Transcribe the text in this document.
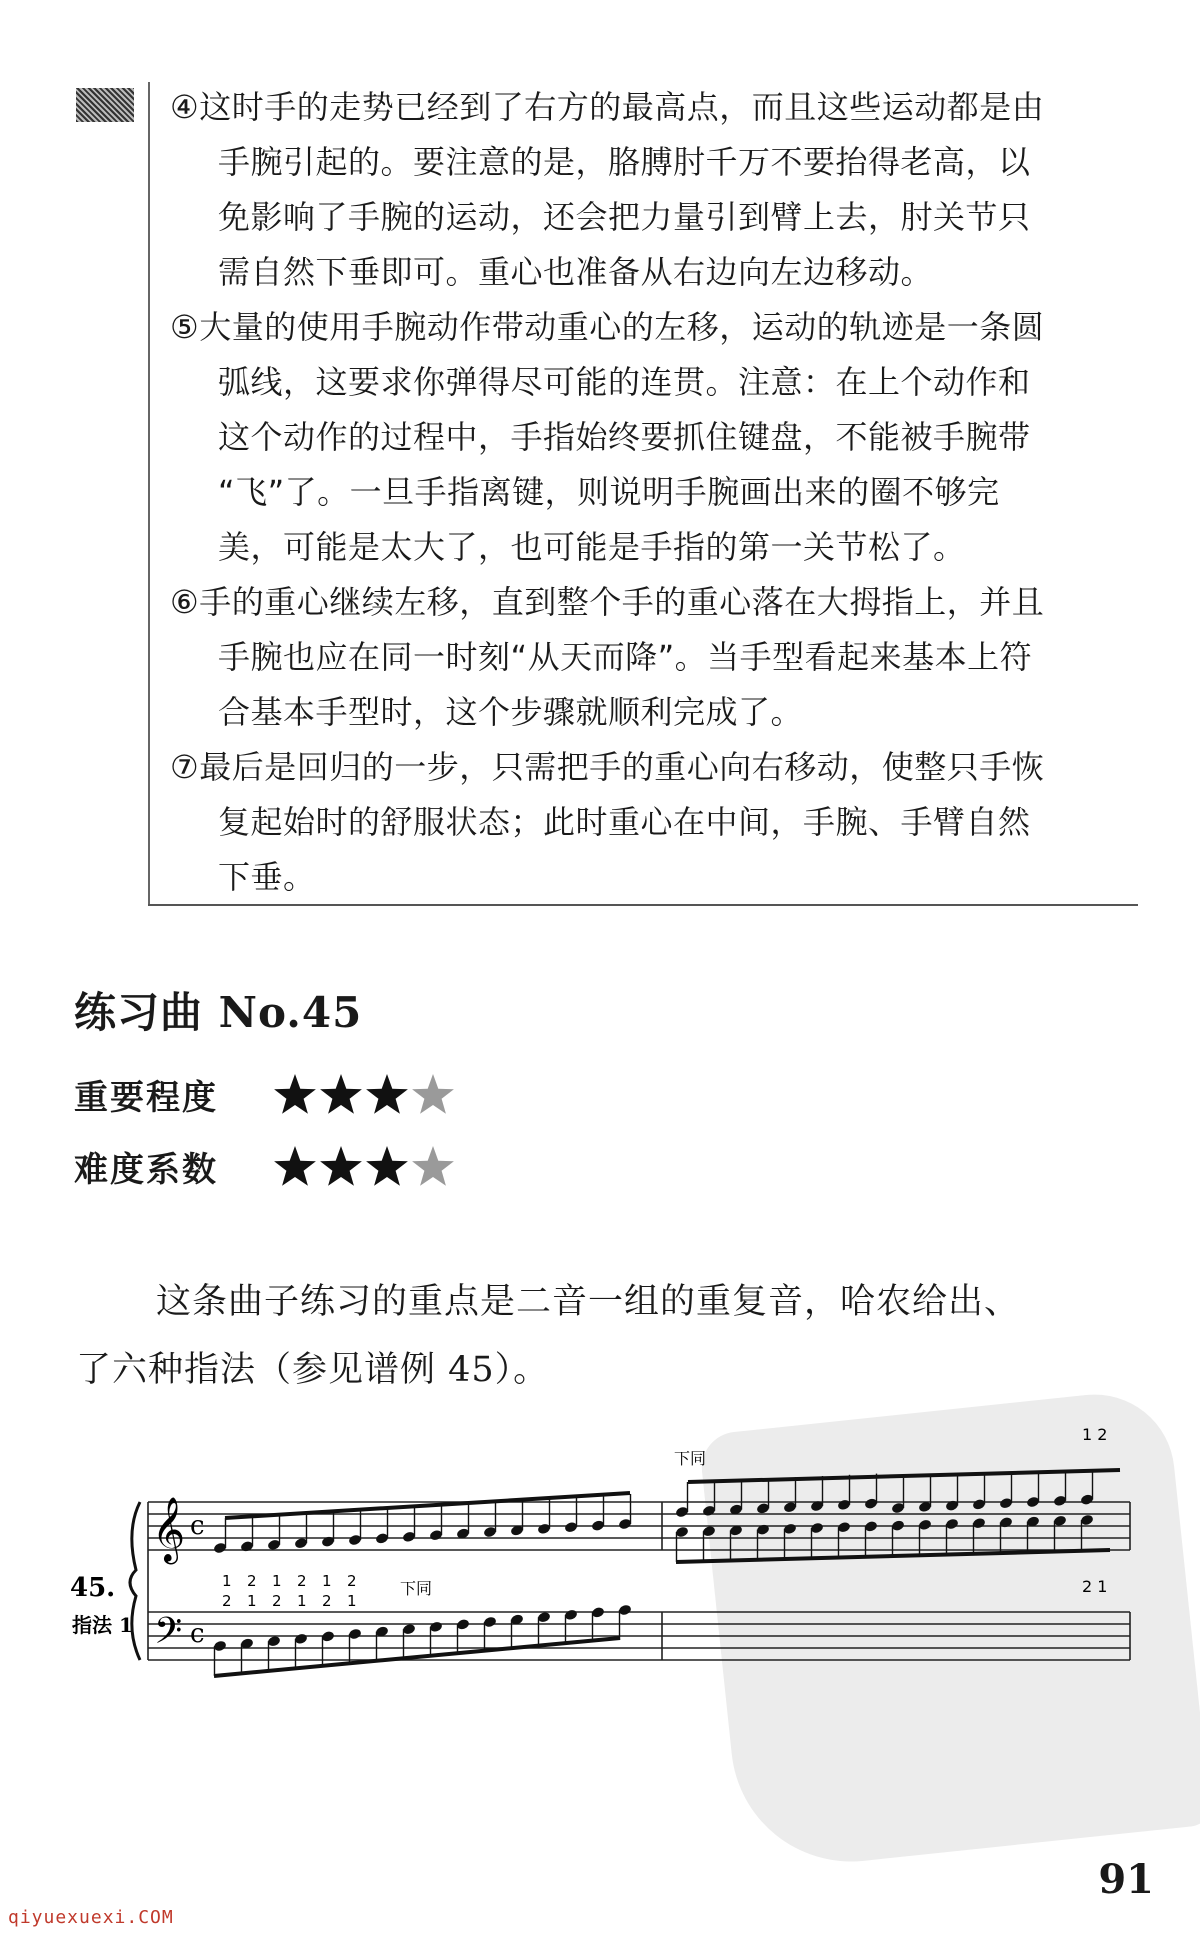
④这时手的走势已经到了右方的最高点，而且这些运动都是由
手腕引起的。要注意的是，胳膊肘千万不要抬得老高，以
免影响了手腕的运动，还会把力量引到臂上去，肘关节只
需自然下垂即可。重心也准备从右边向左边移动。

⑤大量的使用手腕动作带动重心的左移，运动的轨迹是一条圆
弧线，这要求你弹得尽可能的连贯。注意：在上个动作和
这个动作的过程中，手指始终要抓住键盘，不能被手腕带
“飞”了。一旦手指离键，则说明手腕画出来的圈不够完
美，可能是太大了，也可能是手指的第一关节松了。

⑥手的重心继续左移，直到整个手的重心落在大拇指上，并且
手腕也应在同一时刻“从天而降”。当手型看起来基本上符
合基本手型时，这个步骤就顺利完成了。

⑦最后是回归的一步，只需把手的重心向右移动，使整只手恢
复起始时的舒服状态；此时重心在中间，手腕、手臂自然
下垂。

练习曲 No.45
重要程度
难度系数

这条曲子练习的重点是二音一组的重复音，哈农给出、
了六种指法（参见谱例 45）。

𝄞
𝄢
c
c
45.
指法 1
下同
下同
1 2
2 1
1 2 1 2 1 2
2 1 2 1 2 1

91

qiyuexuexi.COM
